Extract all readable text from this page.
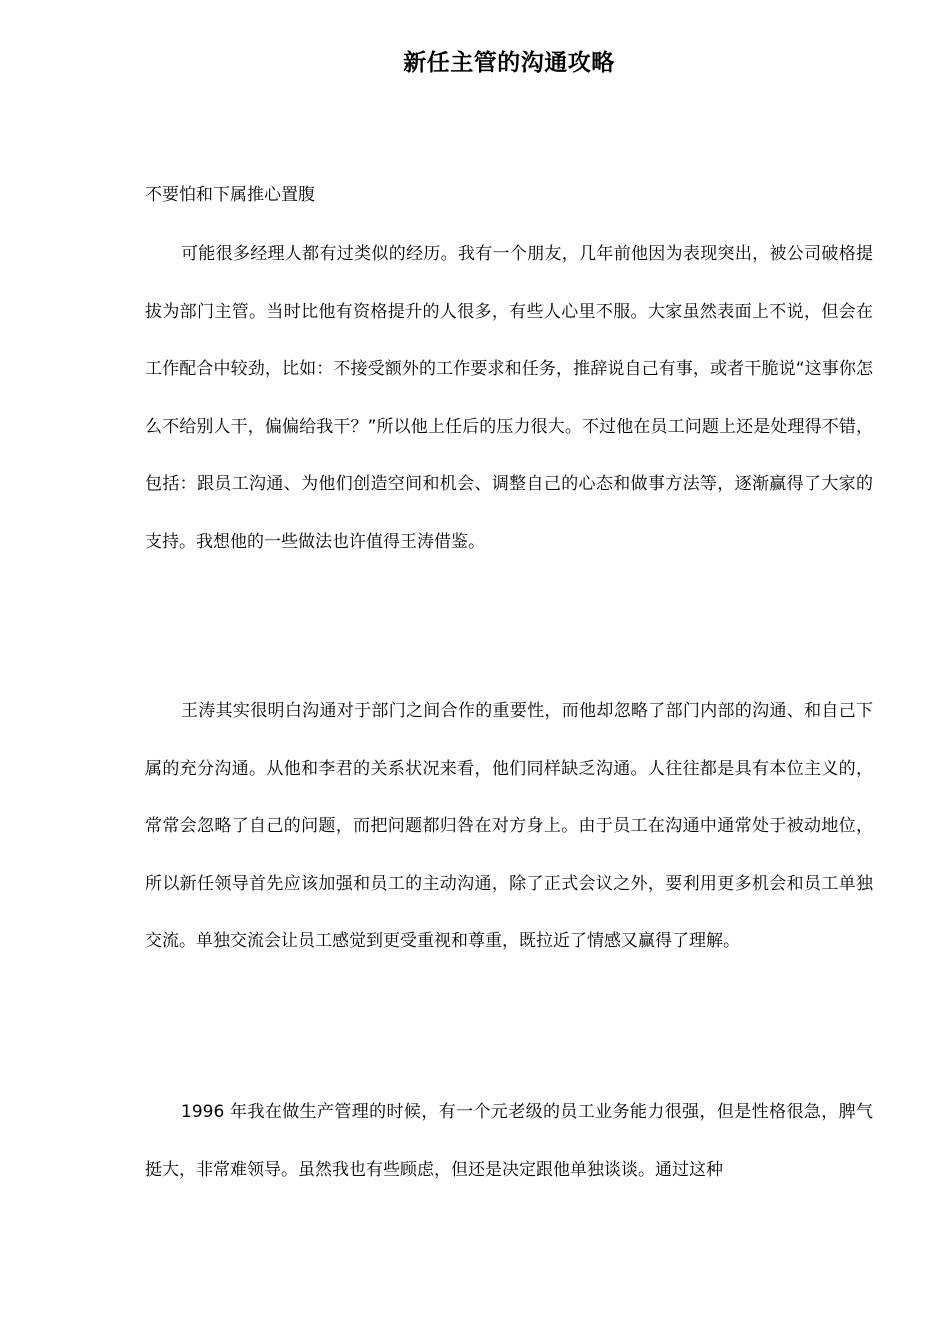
新任主管的沟通攻略
不要怕和下属推心置腹

可能很多经理人都有过类似的经历。我有一个朋友，几年前他因为表现突出，被公司破格提拔为部门主管。当时比他有资格提升的人很多，有些人心里不服。大家虽然表面上不说，但会在工作配合中较劲，比如：不接受额外的工作要求和任务，推辞说自己有事，或者干脆说“这事你怎么不给别人干，偏偏给我干？”所以他上任后的压力很大。不过他在员工问题上还是处理得不错，包括：跟员工沟通、为他们创造空间和机会、调整自己的心态和做事方法等，逐渐赢得了大家的支持。我想他的一些做法也许值得王涛借鉴。

王涛其实很明白沟通对于部门之间合作的重要性，而他却忽略了部门内部的沟通、和自己下属的充分沟通。从他和李君的关系状况来看，他们同样缺乏沟通。人往往都是具有本位主义的，常常会忽略了自己的问题，而把问题都归咎在对方身上。由于员工在沟通中通常处于被动地位，所以新任领导首先应该加强和员工的主动沟通，除了正式会议之外，要利用更多机会和员工单独交流。单独交流会让员工感觉到更受重视和尊重，既拉近了情感又赢得了理解。

1996 年我在做生产管理的时候，有一个元老级的员工业务能力很强，但是性格很急，脾气挺大，非常难领导。虽然我也有些顾虑，但还是决定跟他单独谈谈。通过这种
